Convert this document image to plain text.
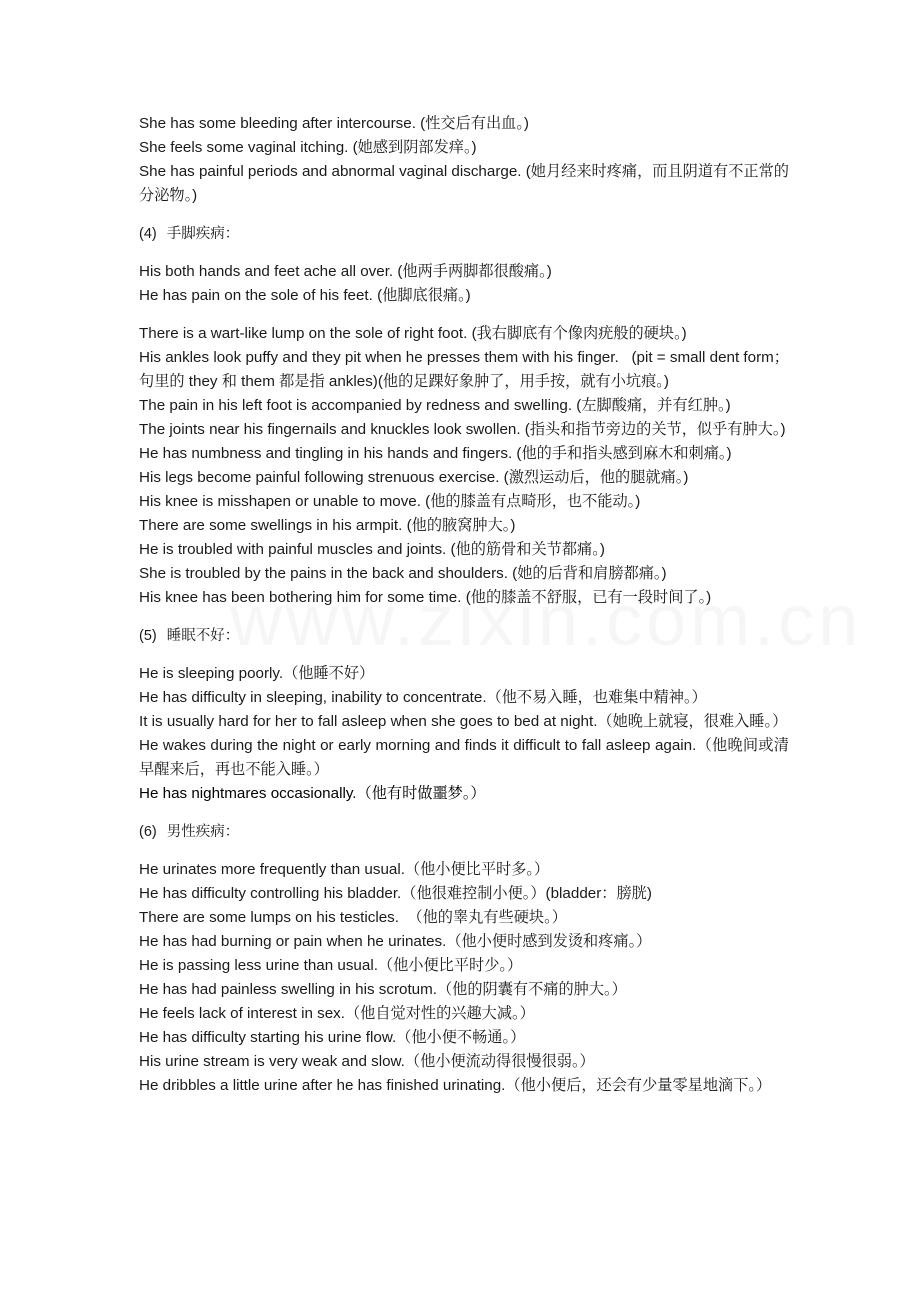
She has some bleeding after intercourse. (性交后有出血。)
She feels some vaginal itching. (她感到阴部发痒。)
She has painful periods and abnormal vaginal discharge. (她月经来时疼痛，而且阴道有不正常的分泌物。)
(4) 手脚疾病：
His both hands and feet ache all over. (他两手两脚都很酸痛。)
He has pain on the sole of his feet. (他脚底很痛。)
There is a wart-like lump on the sole of right foot. (我右脚底有个像肉疣般的硬块。)
His ankles look puffy and they pit when he presses them with his finger.   (pit = small dent form；句里的 they 和 them 都是指 ankles)(他的足踝好象肿了，用手按，就有小坑痕。)
The pain in his left foot is accompanied by redness and swelling. (左脚酸痛，并有红肿。)
The joints near his fingernails and knuckles look swollen. (指头和指节旁边的关节，似乎有肿大。)
He has numbness and tingling in his hands and fingers. (他的手和指头感到麻木和刺痛。)
His legs become painful following strenuous exercise. (激烈运动后，他的腿就痛。)
His knee is misshapen or unable to move. (他的膝盖有点畸形，也不能动。)
There are some swellings in his armpit. (他的腋窝肿大。)
He is troubled with painful muscles and joints. (他的筋骨和关节都痛。)
She is troubled by the pains in the back and shoulders. (她的后背和肩膀都痛。)
His knee has been bothering him for some time. (他的膝盖不舒服，已有一段时间了。)
(5) 睡眠不好：
He is sleeping poorly.（他睡不好）
He has difficulty in sleeping, inability to concentrate.（他不易入睡，也难集中精神。）
It is usually hard for her to fall asleep when she goes to bed at night.（她晚上就寝，很难入睡。）
He wakes during the night or early morning and finds it difficult to fall asleep again.（他晚间或清早醒来后，再也不能入睡。）
He has nightmares occasionally.（他有时做噩梦。）
(6) 男性疾病：
He urinates more frequently than usual.（他小便比平时多。）
He has difficulty controlling his bladder.（他很难控制小便。）(bladder：膀胱)
There are some lumps on his testicles.  （他的睾丸有些硬块。）
He has had burning or pain when he urinates.（他小便时感到发烫和疼痛。）
He is passing less urine than usual.（他小便比平时少。）
He has had painless swelling in his scrotum.（他的阴囊有不痛的肿大。）
He feels lack of interest in sex.（他自觉对性的兴趣大减。）
He has difficulty starting his urine flow.（他小便不畅通。）
His urine stream is very weak and slow.（他小便流动得很慢很弱。）
He dribbles a little urine after he has finished urinating.（他小便后，还会有少量零星地滴下。）
